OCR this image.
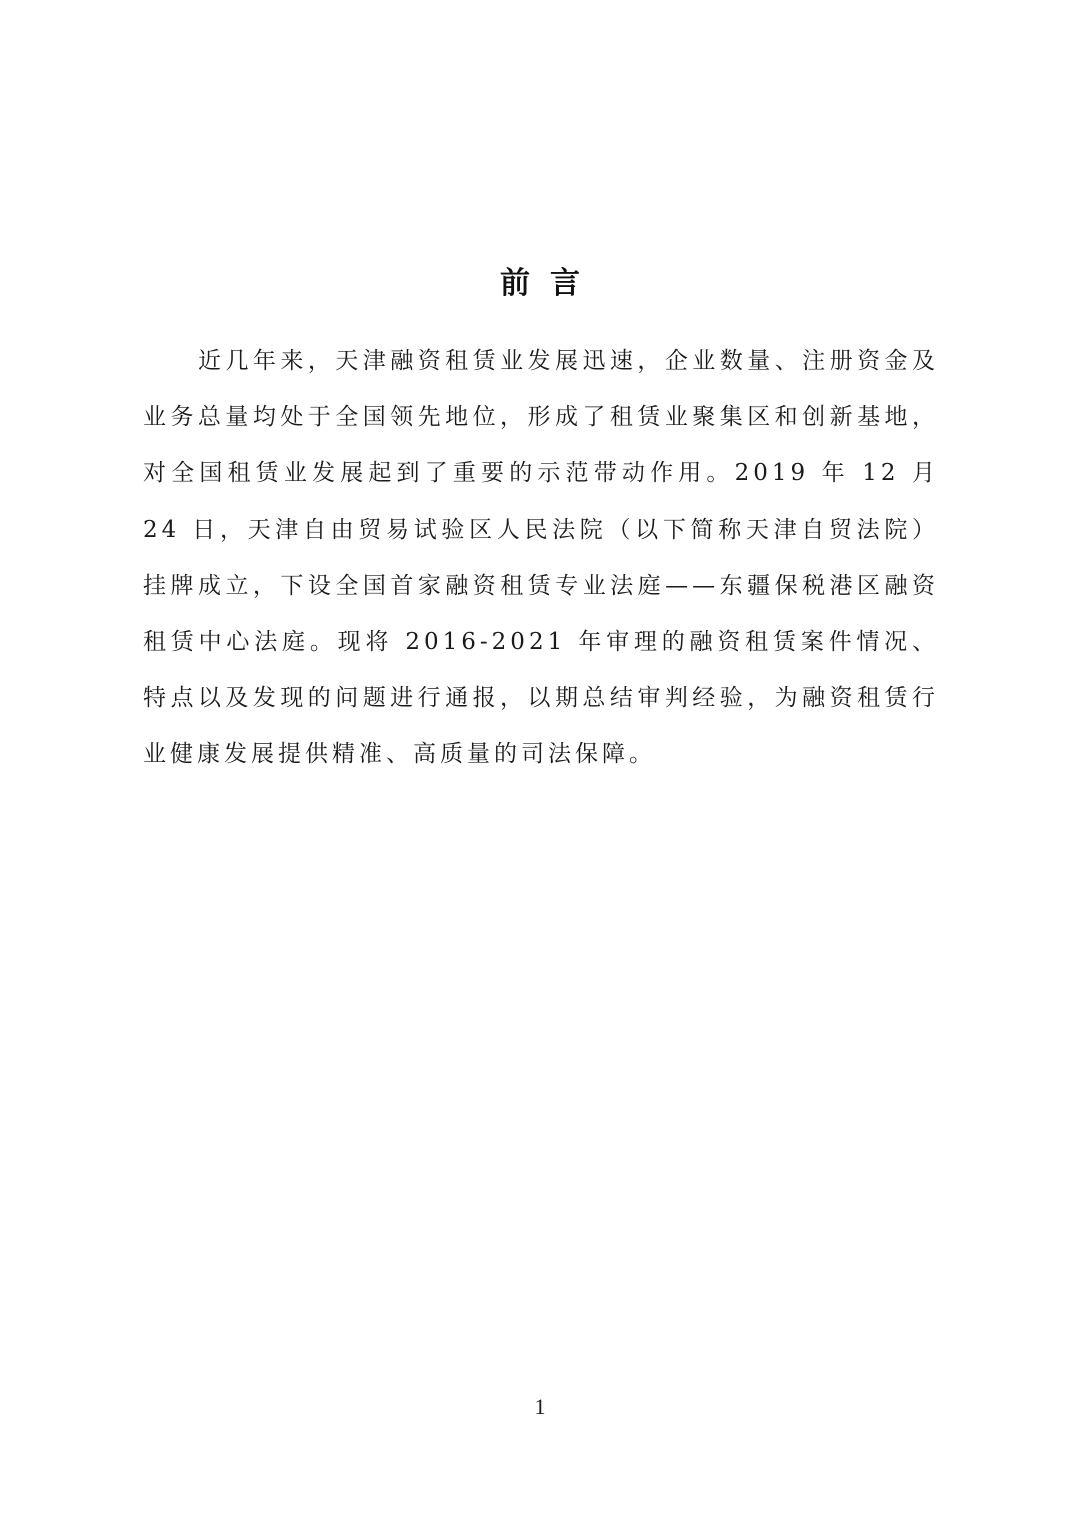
前言

近几年来，天津融资租赁业发展迅速，企业数量、注册资金及业务总量均处于全国领先地位，形成了租赁业聚集区和创新基地，对全国租赁业发展起到了重要的示范带动作用。2019 年 12 月 24 日，天津自由贸易试验区人民法院（以下简称天津自贸法院）挂牌成立，下设全国首家融资租赁专业法庭——东疆保税港区融资租赁中心法庭。现将 2016-2021 年审理的融资租赁案件情况、特点以及发现的问题进行通报，以期总结审判经验，为融资租赁行业健康发展提供精准、高质量的司法保障。

1
